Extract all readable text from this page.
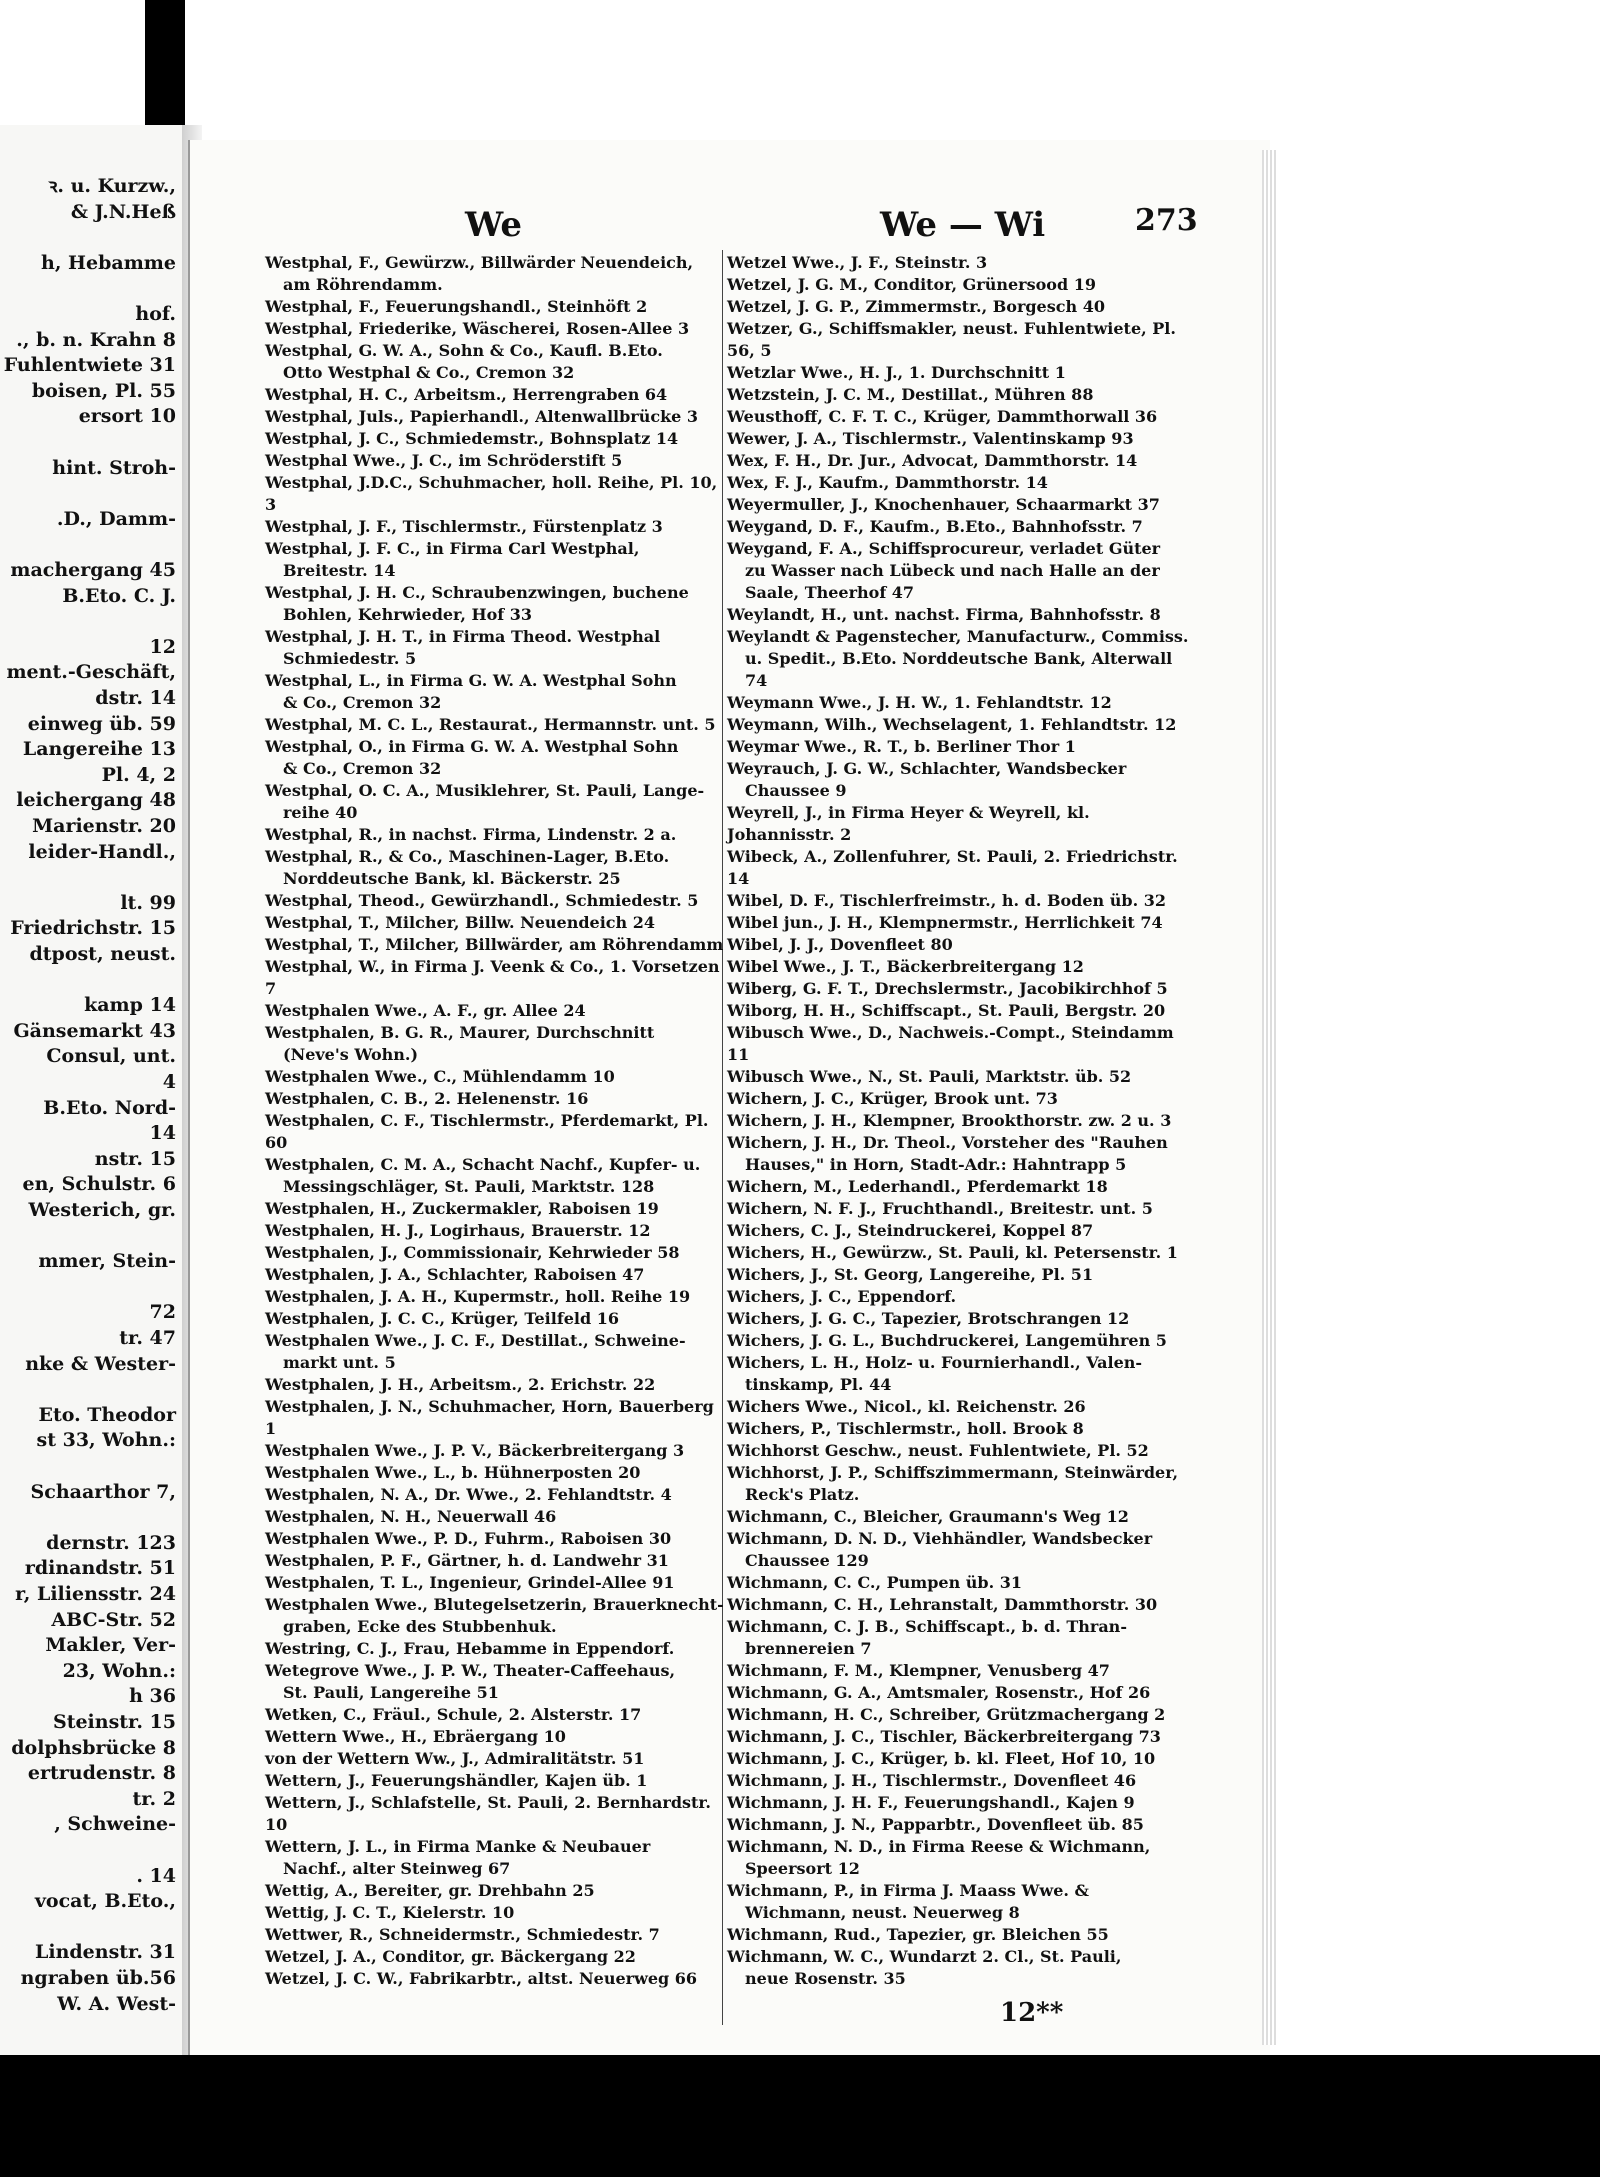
ꝛ. u. Kurzw.,
& J.N.Heß
h, Hebamme
hof.
., b. n. Krahn 8
Fuhlentwiete 31
boisen, Pl. 55
ersort 10
hint. Stroh-
.D., Damm-
machergang 45
B.Eto. C. J.
12
ment.-Geschäft,
dstr. 14
einweg üb. 59
Langereihe 13
Pl. 4, 2
leichergang 48
Marienstr. 20
leider-Handl.,
lt. 99
Friedrichstr. 15
dtpost, neust.
kamp 14
Gänsemarkt 43
Consul, unt.
4
B.Eto. Nord-
14
nstr. 15
en, Schulstr. 6
Westerich, gr.
mmer, Stein-
72
tr. 47
nke & Wester-
Eto. Theodor
st 33, Wohn.:
Schaarthor 7,
dernstr. 123
rdinandstr. 51
r, Liliensstr. 24
ABC-Str. 52
Makler, Ver-
23, Wohn.:
h 36
Steinstr. 15
dolphsbrücke 8
ertrudenstr. 8
tr. 2
, Schweine-
. 14
vocat, B.Eto.,
Lindenstr. 31
ngraben üb.56
W. A. West-
We	We — Wi	273
Westphal, F., Gewürzw., Billwärder Neuendeich,
am Röhrendamm.
Westphal, F., Feuerungshandl., Steinhöft 2
Westphal, Friederike, Wäscherei, Rosen-Allee 3
Westphal, G. W. A., Sohn & Co., Kaufl. B.Eto.
Otto Westphal & Co., Cremon 32
Westphal, H. C., Arbeitsm., Herrengraben 64
Westphal, Juls., Papierhandl., Altenwallbrücke 3
Westphal, J. C., Schmiedemstr., Bohnsplatz 14
Westphal Wwe., J. C., im Schröderstift 5
Westphal, J.D.C., Schuhmacher, holl. Reihe, Pl. 10, 3
Westphal, J. F., Tischlermstr., Fürstenplatz 3
Westphal, J. F. C., in Firma Carl Westphal,
Breitestr. 14
Westphal, J. H. C., Schraubenzwingen, buchene
Bohlen, Kehrwieder, Hof 33
Westphal, J. H. T., in Firma Theod. Westphal
Schmiedestr. 5
Westphal, L., in Firma G. W. A. Westphal Sohn
& Co., Cremon 32
Westphal, M. C. L., Restaurat., Hermannstr. unt. 5
Westphal, O., in Firma G. W. A. Westphal Sohn
& Co., Cremon 32
Westphal, O. C. A., Musiklehrer, St. Pauli, Lange-
reihe 40
Westphal, R., in nachst. Firma, Lindenstr. 2 a.
Westphal, R., & Co., Maschinen-Lager, B.Eto.
Norddeutsche Bank, kl. Bäckerstr. 25
Westphal, Theod., Gewürzhandl., Schmiedestr. 5
Westphal, T., Milcher, Billw. Neuendeich 24
Westphal, T., Milcher, Billwärder, am Röhrendamm
Westphal, W., in Firma J. Veenk & Co., 1. Vorsetzen 7
Westphalen Wwe., A. F., gr. Allee 24
Westphalen, B. G. R., Maurer, Durchschnitt
(Neve's Wohn.)
Westphalen Wwe., C., Mühlendamm 10
Westphalen, C. B., 2. Helenenstr. 16
Westphalen, C. F., Tischlermstr., Pferdemarkt, Pl. 60
Westphalen, C. M. A., Schacht Nachf., Kupfer- u.
Messingschläger, St. Pauli, Marktstr. 128
Westphalen, H., Zuckermakler, Raboisen 19
Westphalen, H. J., Logirhaus, Brauerstr. 12
Westphalen, J., Commissionair, Kehrwieder 58
Westphalen, J. A., Schlachter, Raboisen 47
Westphalen, J. A. H., Kupermstr., holl. Reihe 19
Westphalen, J. C. C., Krüger, Teilfeld 16
Westphalen Wwe., J. C. F., Destillat., Schweine-
markt unt. 5
Westphalen, J. H., Arbeitsm., 2. Erichstr. 22
Westphalen, J. N., Schuhmacher, Horn, Bauerberg 1
Westphalen Wwe., J. P. V., Bäckerbreitergang 3
Westphalen Wwe., L., b. Hühnerposten 20
Westphalen, N. A., Dr. Wwe., 2. Fehlandtstr. 4
Westphalen, N. H., Neuerwall 46
Westphalen Wwe., P. D., Fuhrm., Raboisen 30
Westphalen, P. F., Gärtner, h. d. Landwehr 31
Westphalen, T. L., Ingenieur, Grindel-Allee 91
Westphalen Wwe., Blutegelsetzerin, Brauerknecht-
graben, Ecke des Stubbenhuk.
Westring, C. J., Frau, Hebamme in Eppendorf.
Wetegrove Wwe., J. P. W., Theater-Caffeehaus,
St. Pauli, Langereihe 51
Wetken, C., Fräul., Schule, 2. Alsterstr. 17
Wettern Wwe., H., Ebräergang 10
von der Wettern Ww., J., Admiralitätstr. 51
Wettern, J., Feuerungshändler, Kajen üb. 1
Wettern, J., Schlafstelle, St. Pauli, 2. Bernhardstr. 10
Wettern, J. L., in Firma Manke & Neubauer
Nachf., alter Steinweg 67
Wettig, A., Bereiter, gr. Drehbahn 25
Wettig, J. C. T., Kielerstr. 10
Wettwer, R., Schneidermstr., Schmiedestr. 7
Wetzel, J. A., Conditor, gr. Bäckergang 22
Wetzel, J. C. W., Fabrikarbtr., altst. Neuerweg 66
Wetzel Wwe., J. F., Steinstr. 3
Wetzel, J. G. M., Conditor, Grünersood 19
Wetzel, J. G. P., Zimmermstr., Borgesch 40
Wetzer, G., Schiffsmakler, neust. Fuhlentwiete, Pl. 56, 5
Wetzlar Wwe., H. J., 1. Durchschnitt 1
Wetzstein, J. C. M., Destillat., Mühren 88
Weusthoff, C. F. T. C., Krüger, Dammthorwall 36
Wewer, J. A., Tischlermstr., Valentinskamp 93
Wex, F. H., Dr. Jur., Advocat, Dammthorstr. 14
Wex, F. J., Kaufm., Dammthorstr. 14
Weyermuller, J., Knochenhauer, Schaarmarkt 37
Weygand, D. F., Kaufm., B.Eto., Bahnhofsstr. 7
Weygand, F. A., Schiffsprocureur, verladet Güter
zu Wasser nach Lübeck und nach Halle an der
Saale, Theerhof 47
Weylandt, H., unt. nachst. Firma, Bahnhofsstr. 8
Weylandt & Pagenstecher, Manufacturw., Commiss.
u. Spedit., B.Eto. Norddeutsche Bank, Alterwall 74
Weymann Wwe., J. H. W., 1. Fehlandtstr. 12
Weymann, Wilh., Wechselagent, 1. Fehlandtstr. 12
Weymar Wwe., R. T., b. Berliner Thor 1
Weyrauch, J. G. W., Schlachter, Wandsbecker
Chaussee 9
Weyrell, J., in Firma Heyer & Weyrell, kl. Johannisstr. 2
Wibeck, A., Zollenfuhrer, St. Pauli, 2. Friedrichstr. 14
Wibel, D. F., Tischlerfreimstr., h. d. Boden üb. 32
Wibel jun., J. H., Klempnermstr., Herrlichkeit 74
Wibel, J. J., Dovenfleet 80
Wibel Wwe., J. T., Bäckerbreitergang 12
Wiberg, G. F. T., Drechslermstr., Jacobikirchhof 5
Wiborg, H. H., Schiffscapt., St. Pauli, Bergstr. 20
Wibusch Wwe., D., Nachweis.-Compt., Steindamm 11
Wibusch Wwe., N., St. Pauli, Marktstr. üb. 52
Wichern, J. C., Krüger, Brook unt. 73
Wichern, J. H., Klempner, Brookthorstr. zw. 2 u. 3
Wichern, J. H., Dr. Theol., Vorsteher des "Rauhen
Hauses," in Horn, Stadt-Adr.: Hahntrapp 5
Wichern, M., Lederhandl., Pferdemarkt 18
Wichern, N. F. J., Fruchthandl., Breitestr. unt. 5
Wichers, C. J., Steindruckerei, Koppel 87
Wichers, H., Gewürzw., St. Pauli, kl. Petersenstr. 1
Wichers, J., St. Georg, Langereihe, Pl. 51
Wichers, J. C., Eppendorf.
Wichers, J. G. C., Tapezier, Brotschrangen 12
Wichers, J. G. L., Buchdruckerei, Langemühren 5
Wichers, L. H., Holz- u. Fournierhandl., Valen-
tinskamp, Pl. 44
Wichers Wwe., Nicol., kl. Reichenstr. 26
Wichers, P., Tischlermstr., holl. Brook 8
Wichhorst Geschw., neust. Fuhlentwiete, Pl. 52
Wichhorst, J. P., Schiffszimmermann, Steinwärder,
Reck's Platz.
Wichmann, C., Bleicher, Graumann's Weg 12
Wichmann, D. N. D., Viehhändler, Wandsbecker
Chaussee 129
Wichmann, C. C., Pumpen üb. 31
Wichmann, C. H., Lehranstalt, Dammthorstr. 30
Wichmann, C. J. B., Schiffscapt., b. d. Thran-
brennereien 7
Wichmann, F. M., Klempner, Venusberg 47
Wichmann, G. A., Amtsmaler, Rosenstr., Hof 26
Wichmann, H. C., Schreiber, Grützmachergang 2
Wichmann, J. C., Tischler, Bäckerbreitergang 73
Wichmann, J. C., Krüger, b. kl. Fleet, Hof 10, 10
Wichmann, J. H., Tischlermstr., Dovenfleet 46
Wichmann, J. H. F., Feuerungshandl., Kajen 9
Wichmann, J. N., Papparbtr., Dovenfleet üb. 85
Wichmann, N. D., in Firma Reese & Wichmann,
Speersort 12
Wichmann, P., in Firma J. Maass Wwe. &
Wichmann, neust. Neuerweg 8
Wichmann, Rud., Tapezier, gr. Bleichen 55
Wichmann, W. C., Wundarzt 2. Cl., St. Pauli,
neue Rosenstr. 35
12**
